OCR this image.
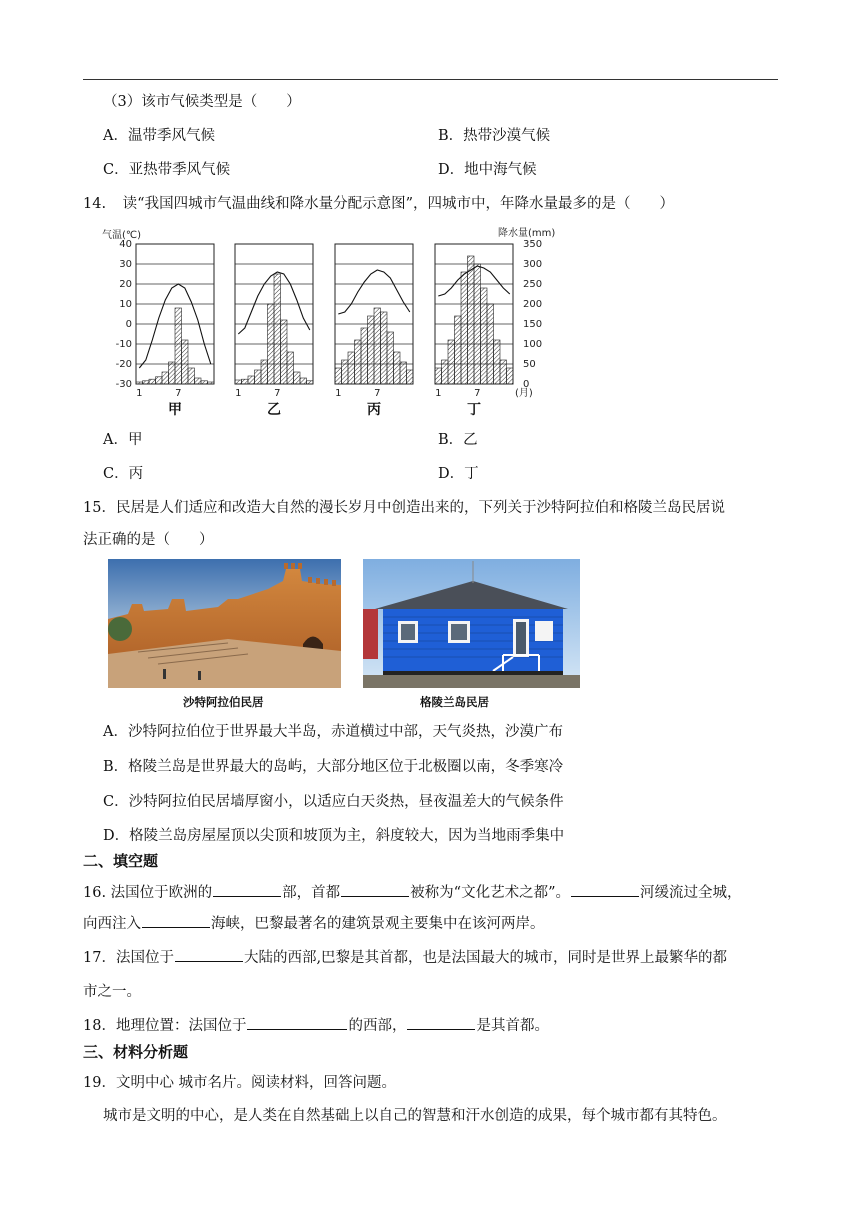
（3）该市气候类型是（　　）
A．温带季风气候	B．热带沙漠气候
C．亚热带季风气候	D．地中海气候
14. 读“我国四城市气温曲线和降水量分配示意图”，四城市中，年降水量最多的是（　　）
气温(℃)	降水量(mm)
40
30
20
10
0
-10
-20
-30
350
300
250
200
150
100
50
0
1	7
甲
1	7
乙
1	7
丙
1	7
丁
(月)
A．甲	B．乙
C．丙	D．丁
15．民居是人们适应和改造大自然的漫长岁月中创造出来的，下列关于沙特阿拉伯和格陵兰岛民居说
法正确的是（　　）
沙特阿拉伯民居	格陵兰岛民居
A．沙特阿拉伯位于世界最大半岛，赤道横过中部，天气炎热，沙漠广布
B．格陵兰岛是世界最大的岛屿，大部分地区位于北极圈以南，冬季寒冷
C．沙特阿拉伯民居墙厚窗小，以适应白天炎热，昼夜温差大的气候条件
D．格陵兰岛房屋屋顶以尖顶和坡顶为主，斜度较大，因为当地雨季集中
二、填空题
16. 法国位于欧洲的	部，首都	被称为“文化艺术之都”。	河缓流过全城，
向西注入	海峡，巴黎最著名的建筑景观主要集中在该河两岸。
17．法国位于	大陆的西部,巴黎是其首都，也是法国最大的城市，同时是世界上最繁华的都
市之一。
18．地理位置：法国位于	的西部，	是其首都。
三、材料分析题
19．文明中心 城市名片。阅读材料，回答问题。
城市是文明的中心，是人类在自然基础上以自己的智慧和汗水创造的成果，每个城市都有其特色。
